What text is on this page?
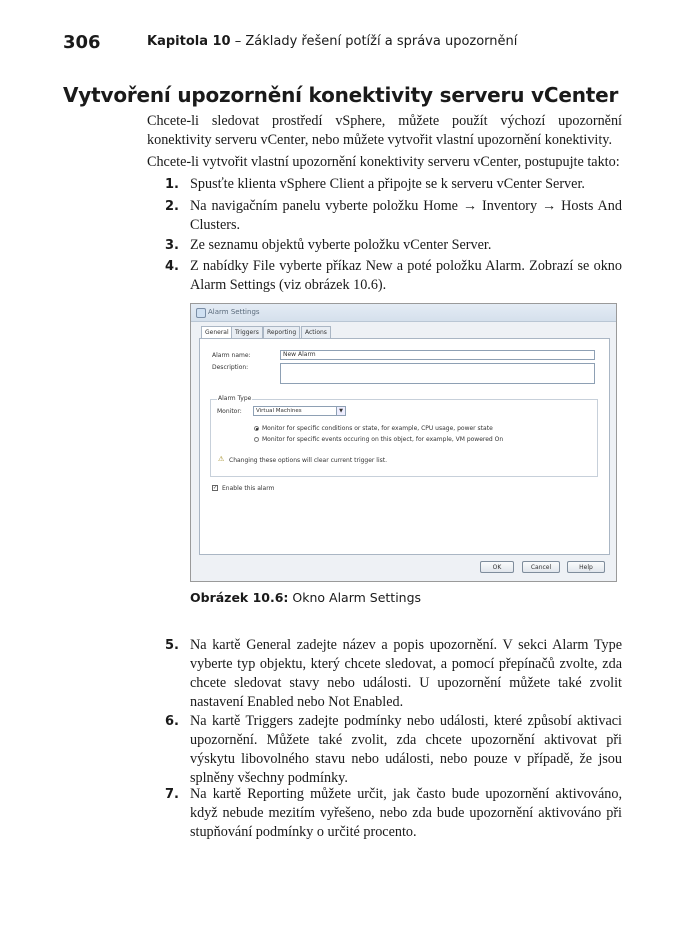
306	Kapitola 10 – Základy řešení potíží a správa upozornění
Vytvoření upozornění konektivity serveru vCenter
Chcete-li sledovat prostředí vSphere, můžete použít výchozí upozornění konektivity serveru vCenter, nebo můžete vytvořit vlastní upozornění konektivity.
Chcete-li vytvořit vlastní upozornění konektivity serveru vCenter, postupujte takto:
1. Spusťte klienta vSphere Client a připojte se k serveru vCenter Server.
2. Na navigačním panelu vyberte položku Home → Inventory → Hosts And Clusters.
3. Ze seznamu objektů vyberte položku vCenter Server.
4. Z nabídky File vyberte příkaz New a poté položku Alarm. Zobrazí se okno Alarm Settings (viz obrázek 10.6).
Alarm Settings
General	Triggers	Reporting	Actions
Alarm name:	New Alarm
Description:
Alarm Type
Monitor:	Virtual Machines	▼
Monitor for specific conditions or state, for example, CPU usage, power state
Monitor for specific events occuring on this object, for example, VM powered On
⚠ Changing these options will clear current trigger list.
✓ Enable this alarm
OK	Cancel	Help
Obrázek 10.6: Okno Alarm Settings
5. Na kartě General zadejte název a popis upozornění. V sekci Alarm Type vyberte typ objektu, který chcete sledovat, a pomocí přepínačů zvolte, zda chcete sledovat stavy nebo události. U upozornění můžete také zvolit nastavení Enabled nebo Not Enabled.
6. Na kartě Triggers zadejte podmínky nebo události, které způsobí aktivaci upozornění. Můžete také zvolit, zda chcete upozornění aktivovat při výskytu libovolného stavu nebo události, nebo pouze v případě, že jsou splněny všechny podmínky.
7. Na kartě Reporting můžete určit, jak často bude upozornění aktivováno, když nebude mezitím vyřešeno, nebo zda bude upozornění aktivováno při stupňování podmínky o určité procento.
